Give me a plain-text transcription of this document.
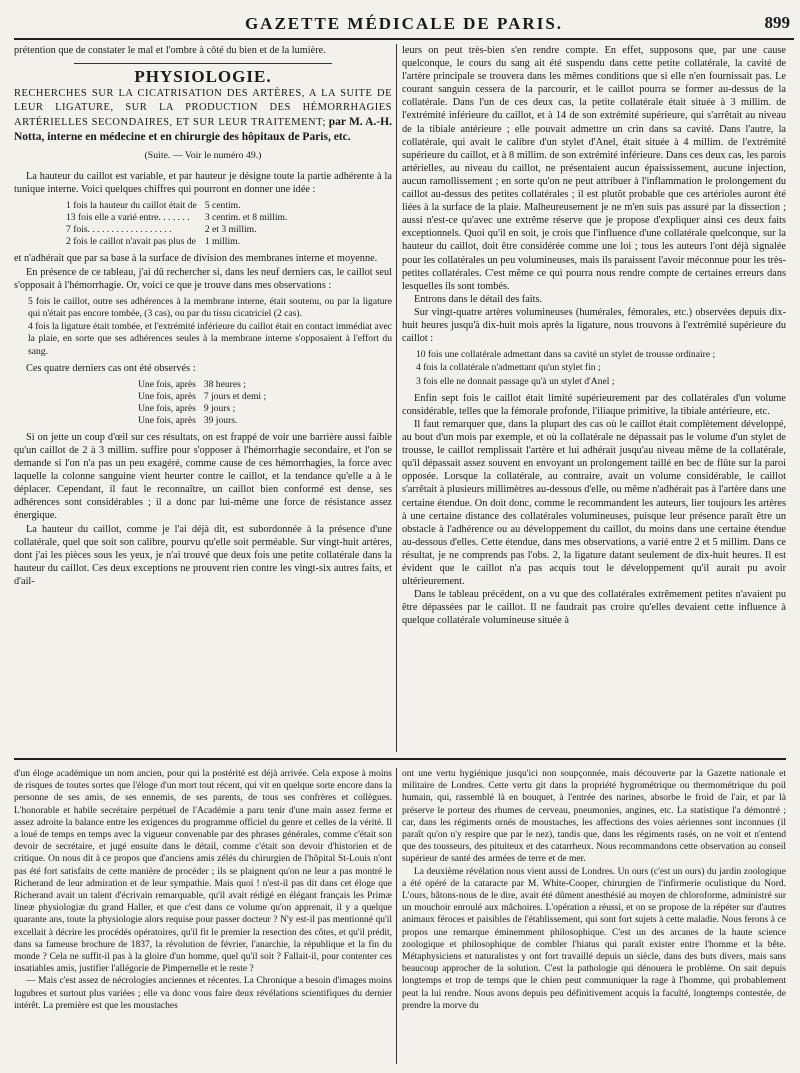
GAZETTE MÉDICALE DE PARIS.	899

prétention que de constater le mal et l'ombre à côté du bien et de la lumière.

PHYSIOLOGIE.
RECHERCHES SUR LA CICATRISATION DES ARTÈRES, A LA SUITE DE LEUR LIGATURE, SUR LA PRODUCTION DES HÉMORRHAGIES ARTÉRIELLES SECONDAIRES, ET SUR LEUR TRAITEMENT; par M. A.-H. Notta, interne en médecine et en chirurgie des hôpitaux de Paris, etc.
(Suite. — Voir le numéro 49.)

La hauteur du caillot est variable, et par hauteur je désigne toute la partie adhérente à la tunique interne. Voici quelques chiffres qui pourront en donner une idée :

1 fois la hauteur du caillot était de	5 centim.
13 fois elle a varié entre. . . . . . .	3 centim. et 8 millim.
7 fois. . . . . . . . . . . . . . . . . .	2 et 3 millim.
2 fois le caillot n'avait pas plus de	1 millim.

et n'adhérait que par sa base à la surface de division des membranes interne et moyenne.

En présence de ce tableau, j'ai dû rechercher si, dans les neuf derniers cas, le caillot seul s'opposait à l'hémorrhagie. Or, voici ce que je trouve dans mes observations :

5 fois le caillot, outre ses adhérences à la membrane interne, était soutenu, ou par la ligature qui n'était pas encore tombée, (3 cas), ou par du tissu cicatriciel (2 cas).
4 fois la ligature était tombée, et l'extrémité inférieure du caillot était en contact immédiat avec la plaie, en sorte que ses adhérences seules à la membrane interne s'opposaient à l'effort du sang.

Ces quatre derniers cas ont été observés :

Une fois, après	38 heures ;
Une fois, après	7 jours et demi ;
Une fois, après	9 jours ;
Une fois, après	39 jours.

Si on jette un coup d'œil sur ces résultats, on est frappé de voir une barrière aussi faible qu'un caillot de 2 à 3 millim. suffire pour s'opposer à l'hémorrhagie secondaire, et l'on se demande si l'on n'a pas un peu exagéré, comme cause de ces hémorrhagies, la force avec laquelle la colonne sanguine vient heurter contre le caillot, et la tendance qu'elle a à le déplacer. Cependant, il faut le reconnaître, un caillot bien conformé est dense, ses adhérences sont considérables ; il a donc par lui-même une force de résistance assez énergique.

La hauteur du caillot, comme je l'ai déjà dit, est subordonnée à la présence d'une collatérale, quel que soit son calibre, pourvu qu'elle soit perméable. Sur vingt-huit artères, dont j'ai les pièces sous les yeux, je n'ai trouvé que deux fois une petite collatérale dans la hauteur du caillot. Ces deux exceptions ne prouvent rien contre les vingt-six autres faits, et d'ail-

leurs on peut très-bien s'en rendre compte. En effet, supposons que, par une cause quelconque, le cours du sang ait été suspendu dans cette petite collatérale, la cavité de l'artère principale se trouvera dans les mêmes conditions que si elle n'en fournissait pas. Le courant sanguin cessera de la parcourir, et le caillot pourra se former au-dessus de la collatérale. Dans l'un de ces deux cas, la petite collatérale était située à 3 millim. de l'extrémité inférieure du caillot, et à 14 de son extrémité supérieure, qui s'arrêtait au niveau de la tibiale antérieure ; elle pouvait admettre un crin dans sa cavité. Dans l'autre, la collatérale, qui avait le calibre d'un stylet d'Anel, était située à 4 millim. de l'extrémité supérieure du caillot, et à 8 millim. de son extrémité inférieure. Dans ces deux cas, les parois artérielles, au niveau du caillot, ne présentaient aucun épaississement, aucune injection, aucun ramollissement ; en sorte qu'on ne peut attribuer à l'inflammation le prolongement du caillot au-dessus des petites collatérales ; il est plutôt probable que ces artérioles auront été liées à la surface de la plaie. Malheureusement je ne m'en suis pas assuré par la dissection ; aussi n'est-ce qu'avec une extrême réserve que je propose d'expliquer ainsi ces deux faits exceptionnels. Quoi qu'il en soit, je crois que l'influence d'une collatérale quelconque, sur la hauteur du caillot, doit être considérée comme une loi ; tous les auteurs l'ont déjà signalée pour les collatérales un peu volumineuses, mais ils paraissent l'avoir méconnue pour les très-petites collatérales. C'est même ce qui pourra nous rendre compte de certaines erreurs dans lesquelles ils sont tombés.

Entrons dans le détail des faits.

Sur vingt-quatre artères volumineuses (humérales, fémorales, etc.) observées depuis dix-huit heures jusqu'à dix-huit mois après la ligature, nous trouvons à l'extrémité supérieure du caillot :

10 fois une collatérale admettant dans sa cavité un stylet de trousse ordinaire ;
4 fois la collatérale n'admettant qu'un stylet fin ;
3 fois elle ne donnait passage qu'à un stylet d'Anel ;

Enfin sept fois le caillot était limité supérieurement par des collatérales d'un volume considérable, telles que la fémorale profonde, l'iliaque primitive, la tibiale antérieure, etc.

Il faut remarquer que, dans la plupart des cas où le caillot était complètement développé, au bout d'un mois par exemple, et où la collatérale ne dépassait pas le volume d'un stylet de trousse, le caillot remplissait l'artère et lui adhérait jusqu'au niveau même de la collatérale, qu'il dépassait assez souvent en envoyant un prolongement taillé en bec de flûte sur la paroi opposée. Lorsque la collatérale, au contraire, avait un volume considérable, le caillot s'arrêtait à plusieurs millimètres au-dessous d'elle, ou même n'adhérait pas à l'artère dans une certaine étendue. On doit donc, comme le recommandent les auteurs, lier toujours les artères à une certaine distance des collatérales volumineuses, puisque leur présence paraît être un obstacle à l'adhérence ou au développement du caillot, du moins dans une certaine étendue au-dessous d'elles. Cette étendue, dans mes observations, a varié entre 2 et 5 millim. Dans ce résultat, je ne comprends pas l'obs. 2, la ligature datant seulement de dix-huit heures. Il est évident que le caillot n'a pas acquis tout le développement qu'il aurait pu avoir ultérieurement.

Dans le tableau précédent, on a vu que des collatérales extrêmement petites n'avaient pu être dépassées par le caillot. Il ne faudrait pas croire qu'elles devaient cette influence à quelque collatérale volumineuse située à

d'un éloge académique un nom ancien, pour qui la postérité est déjà arrivée. Cela expose à moins de risques de toutes sortes que l'éloge d'un mort tout récent, qui vit en quelque sorte encore dans la personne de ses amis, de ses ennemis, de ses parents, de tous ses confrères et collègues. L'honorable et habile secrétaire perpétuel de l'Académie a paru tenir d'une main assez ferme et assez adroite la balance entre les exigences du programme officiel du genre et celles de la vérité. Il a loué de temps en temps avec la vigueur convenable par des phrases générales, comme c'était son devoir de secrétaire, et jugé ensuite dans le détail, comme c'était son devoir d'historien et de critique. On nous dit à ce propos que d'anciens amis zélés du chirurgien de l'hôpital St-Louis n'ont pas été fort satisfaits de cette manière de procéder ; ils se plaignent qu'on ne leur a pas montré le Richerand de leur admiration et de leur sympathie. Mais quoi ! n'est-il pas dit dans cet éloge que Richerand avait un talent d'écrivain remarquable, qu'il avait rédigé en élégant français les Primæ lineæ physiologiæ du grand Haller, et que c'est dans ce volume qu'on apprenait, il y a quelque quarante ans, toute la physiologie alors requise pour passer docteur ? N'y est-il pas mentionné qu'il excellait à décrire les procédés opératoires, qu'il fit le premier la resection des côtes, et qu'il prédit, dans sa fameuse brochure de 1837, la révolution de février, l'anarchie, la république et la fin du monde ? Cela ne suffit-il pas à la gloire d'un homme, quel qu'il soit ? Fallait-il, pour contenter ces insatiables amis, justifier l'allégorie de Pimpernelle et le reste ?

— Mais c'est assez de nécrologies anciennes et récentes. La Chronique a besoin d'images moins lugubres et surtout plus variées ; elle va donc vous faire deux révélations scientifiques du dernier intérêt. La première est que les moustaches

ont une vertu hygiénique jusqu'ici non soupçonnée, mais découverte par la Gazette nationale et militaire de Londres. Cette vertu git dans la propriété hygrométrique ou thermométrique du poil humain, qui, rassemblé là en bouquet, à l'entrée des narines, absorbe le froid de l'air, et par là préserve le porteur des rhumes de cerveau, pneumonies, angines, etc. La statistique l'a démontré ; car, dans les régiments ornés de moustaches, les affections des voies aériennes sont inconnues (il paraît qu'on n'y respire que par le nez), tandis que, dans les régiments rasés, on ne voit et n'entend que des tousseurs, des pituiteux et des catarrheux. Nous recommandons cette observation au conseil supérieur de santé des armées de terre et de mer.

La deuxième révélation nous vient aussi de Londres. Un ours (c'est un ours) du jardin zoologique a été opéré de la cataracte par M. White-Cooper, chirurgien de l'infirmerie oculistique du Nord. L'ours, bâtons-nous de le dire, avait été dûment anesthésié au moyen de chloroforme, administré sur un mouchoir enroulé aux mâchoires. L'opération a réussi, et on se propose de la répéter sur d'autres animaux féroces et paisibles de l'établissement, qui sont fort sujets à cette maladie. Nous ferons à ce propos une remarque éminemment philosophique. C'est un des arcanes de la haute science zoologique et philosophique de combler l'hiatus qui paraît exister entre l'homme et la bête. Métaphysiciens et naturalistes y ont fort travaillé depuis un siècle, dans des buts divers, mais sans beaucoup approcher de la solution. C'est la pathologie qui dénouera le problème. On sait depuis longtemps et trop de temps que le chien peut communiquer la rage à l'homme, qui probablement peut la lui rendre. Nous avons depuis peu définitivement acquis la faculté, longtemps contestée, de prendre la morve du
